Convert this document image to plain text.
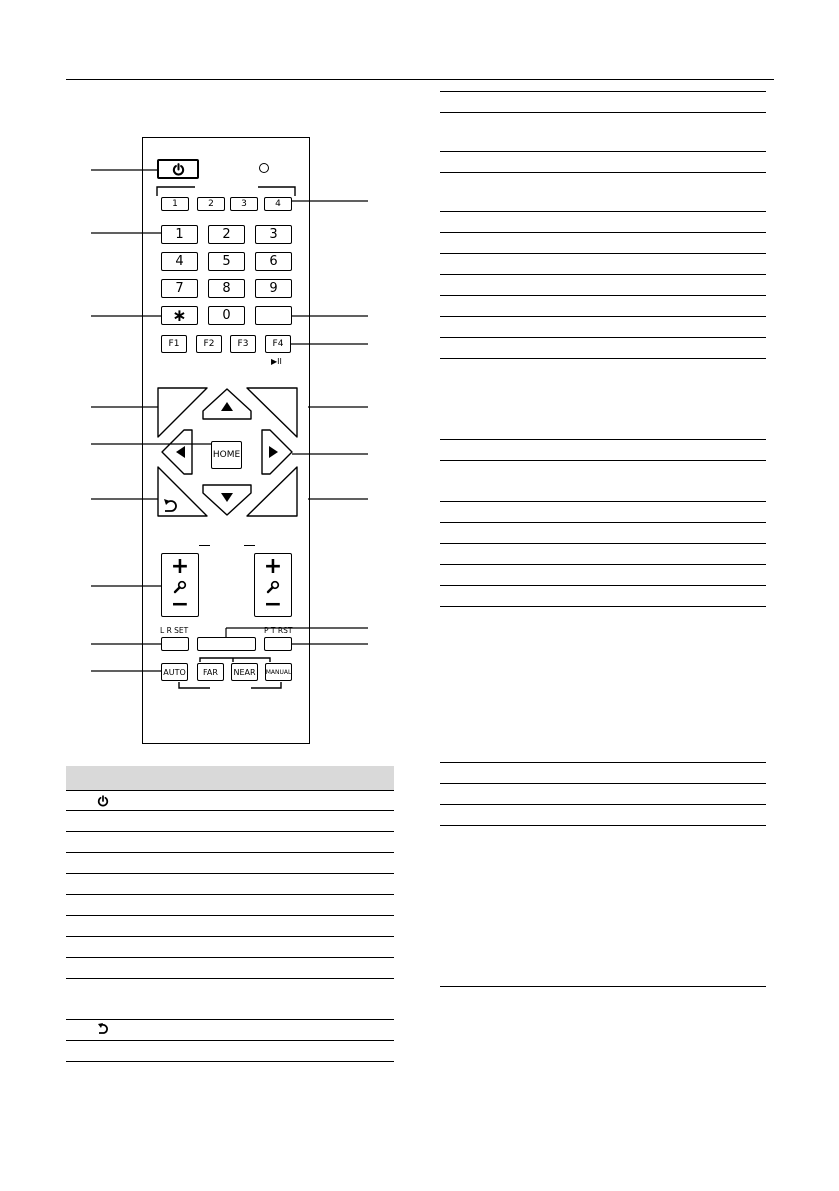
1	2	3	4
1	2	3
4	5	6
7	8	9
∗	0
F1	F2	F3	F4
▶II
HOME
+
−
+
−
L R SET	P T RST
AUTO	FAR	NEAR	MANUAL
